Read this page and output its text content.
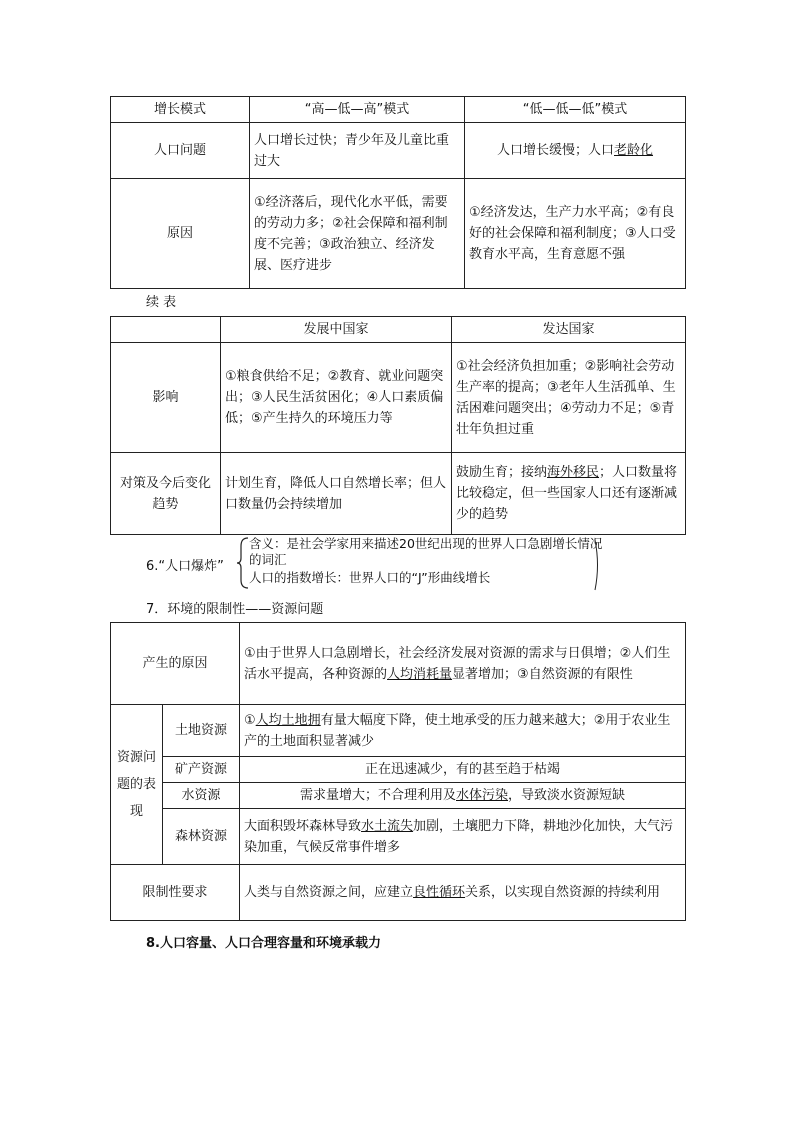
增长模式	“高—低—高”模式	“低—低—低”模式
人口问题	人口增长过快；青少年及儿童比重过大	人口增长缓慢；人口老龄化
原因	①经济落后，现代化水平低，需要的劳动力多；②社会保障和福利制度不完善；③政治独立、经济发展、医疗进步	①经济发达，生产力水平高；②有良好的社会保障和福利制度；③人口受教育水平高，生育意愿不强
续 表
	发展中国家	发达国家
影响	①粮食供给不足；②教育、就业问题突出；③人民生活贫困化；④人口素质偏低；⑤产生持久的环境压力等	①社会经济负担加重；②影响社会劳动生产率的提高；③老年人生活孤单、生活困难问题突出；④劳动力不足；⑤青壮年负担过重
对策及今后变化趋势	计划生育，降低人口自然增长率；但人口数量仍会持续增加	鼓励生育；接纳海外移民；人口数量将比较稳定，但一些国家人口还有逐渐减少的趋势
6.“人口爆炸”
含义：是社会学家用来描述20世纪出现的世界人口急剧增长情况的词汇
人口的指数增长：世界人口的“J”形曲线增长
7．环境的限制性——资源问题
产生的原因		①由于世界人口急剧增长，社会经济发展对资源的需求与日俱增；②人们生活水平提高，各种资源的人均消耗量显著增加；③自然资源的有限性
资源问题的表现	土地资源	①人均土地拥有量大幅度下降，使土地承受的压力越来越大；②用于农业生产的土地面积显著减少
	矿产资源	正在迅速减少，有的甚至趋于枯竭
	水资源	需求量增大；不合理利用及水体污染，导致淡水资源短缺
	森林资源	大面积毁坏森林导致水土流失加剧，土壤肥力下降，耕地沙化加快，大气污染加重，气候反常事件增多
限制性要求		人类与自然资源之间，应建立良性循环关系，以实现自然资源的持续利用
8.人口容量、人口合理容量和环境承载力
